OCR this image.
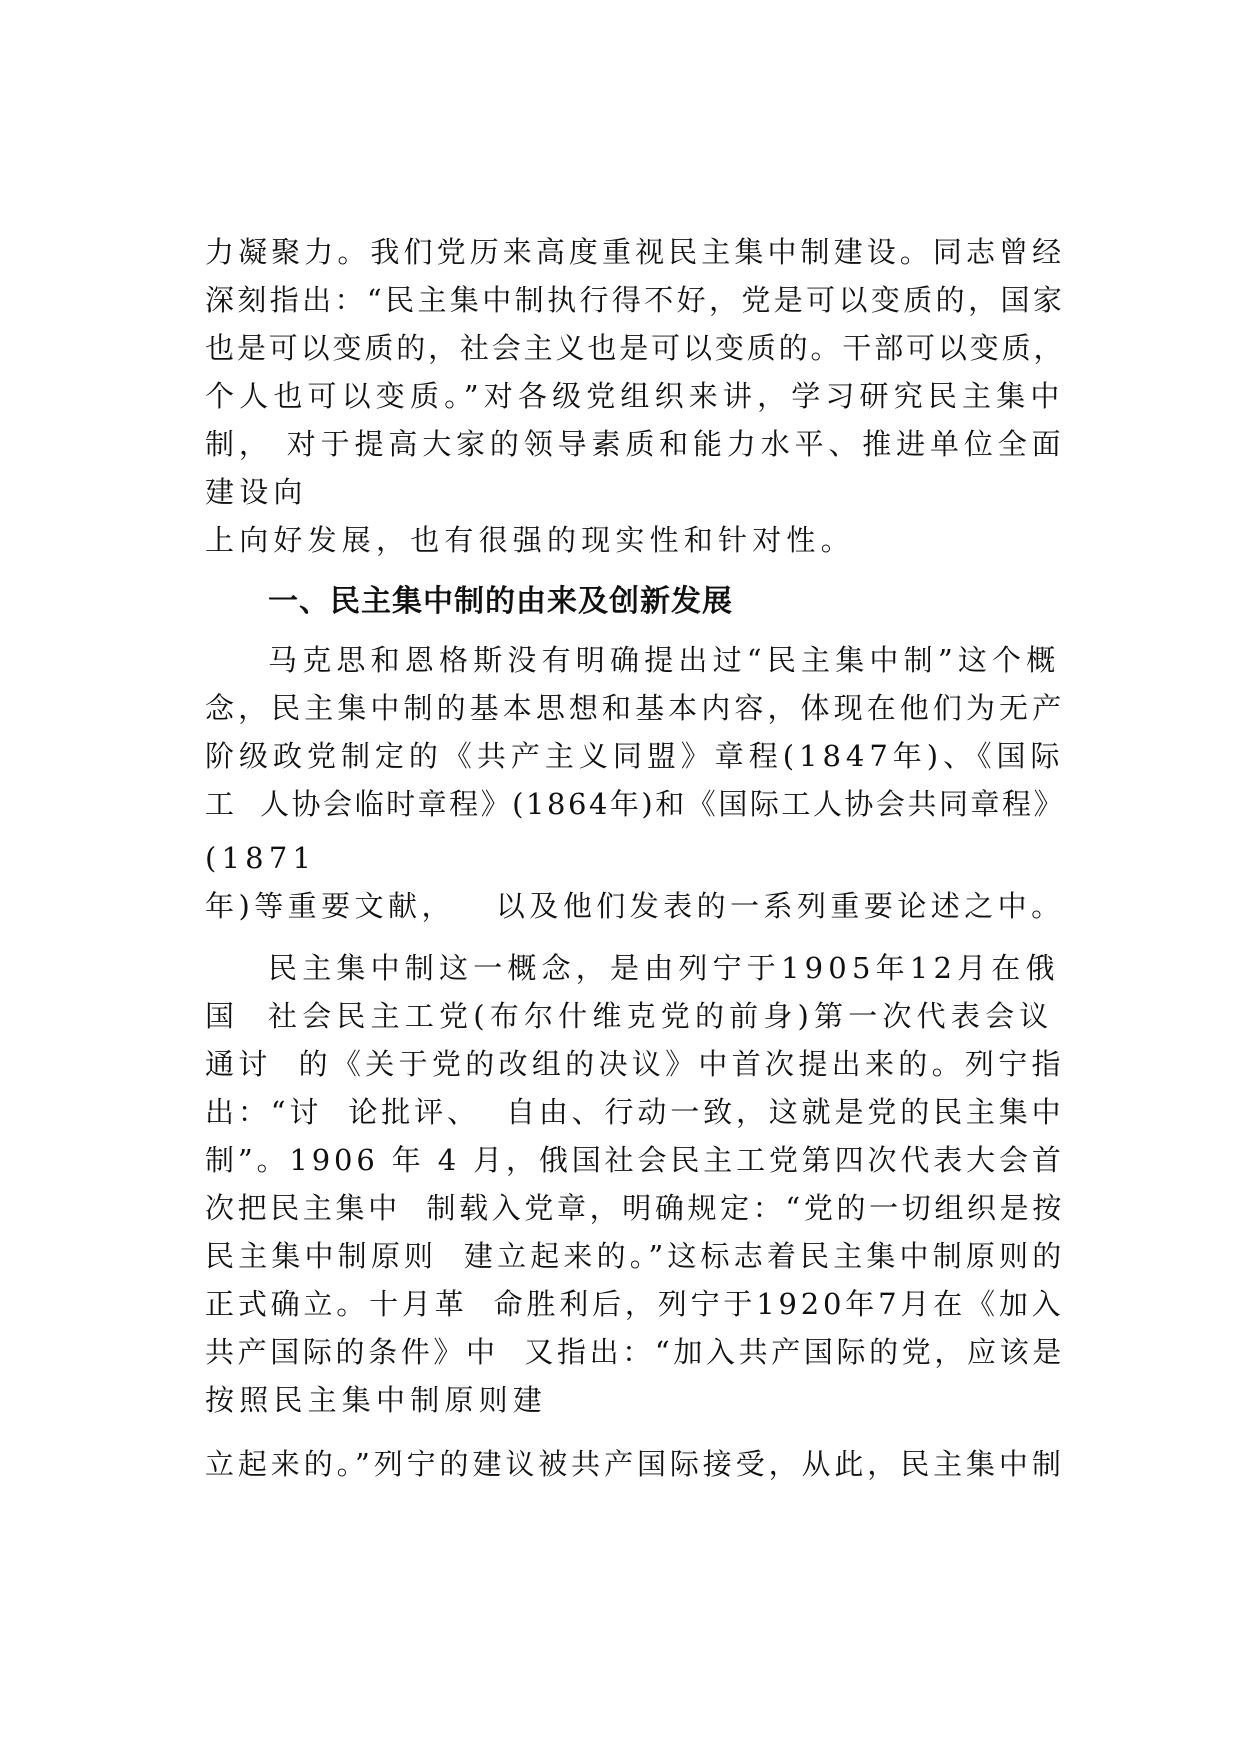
力凝聚力。我们党历来高度重视民主集中制建设。同志曾经
深刻指出：“民主集中制执行得不好，党是可以变质的，国家
也是可以变质的，社会主义也是可以变质的。干部可以变质，
个人也可以变质。”对各级党组织来讲，学习研究民主集中
制， 对于提高大家的领导素质和能力水平、推进单位全面
建设向
上向好发展，也有很强的现实性和针对性。
一、民主集中制的由来及创新发展
马克思和恩格斯没有明确提出过“民主集中制”这个概
念，民主集中制的基本思想和基本内容，体现在他们为无产
阶级政党制定的《共产主义同盟》章程(1847年)、《国际
工  人协会临时章程》(1864年)和《国际工人协会共同章程》
(1871
年)等重要文献，   以及他们发表的一系列重要论述之中。
民主集中制这一概念，是由列宁于1905年12月在俄
国  社会民主工党(布尔什维克党的前身)第一次代表会议
通讨  的《关于党的改组的决议》中首次提出来的。列宁指
出：“讨  论批评、  自由、行动一致，这就是党的民主集中
制”。1906 年 4 月，俄国社会民主工党第四次代表大会首
次把民主集中  制载入党章，明确规定：“党的一切组织是按
民主集中制原则  建立起来的。”这标志着民主集中制原则的
正式确立。十月革  命胜利后，列宁于1920年7月在《加入
共产国际的条件》中  又指出：“加入共产国际的党，应该是
按照民主集中制原则建
立起来的。”列宁的建议被共产国际接受，从此，民主集中制
